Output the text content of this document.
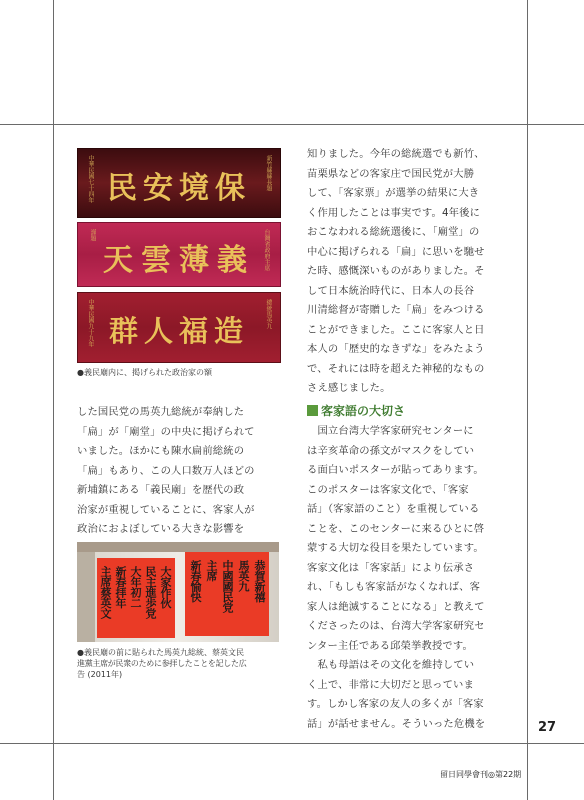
中華民國七十四年 民安境保	新竹縣縣長題
謹題
天雲薄義	台灣省政府主席
中華民國九十九年 群人福造	總統馬英九
●義民廟内に、掲げられた政治家の額
した国民党の馬英九総統が奉納した
「扁」が「廟堂」の中央に掲げられて
いました。ほかにも陳水扁前総統の
「扁」もあり、この人口数万人ほどの
新埔鎮にある「義民廟」を歴代の政
治家が重視していることに、客家人が
政治におよぼしている大きな影響を
大家作伙
民主進歩党
大年初二
新春拝年
主席蔡英文	恭賀新禧
馬英九
中國國民党
主席
新春愉快
●義民廟の前に貼られた馬英九総統、蔡英文民
進黨主席が民衆のために参拝したことを記した広
告 (2011年)
知りました。今年の総統選でも新竹、
苗栗県などの客家庄で国民党が大勝
して、「客家票」が選挙の結果に大き
く作用したことは事実です。4年後に
おこなわれる総統選後に、「廟堂」の
中心に掲げられる「扁」に思いを馳せ
た時、感慨深いものがありました。そ
して日本統治時代に、日本人の長谷
川清総督が寄贈した「扁」をみつける
ことができました。ここに客家人と日
本人の「歴史的なきずな」をみたよう
で、それには時を超えた神秘的なもの
さえ感じました。
客家語の大切さ
　国立台湾大学客家研究センターに
は辛亥革命の孫文がマスクをしてい
る面白いポスターが貼ってあります。
このポスターは客家文化で、「客家
話」（客家語のこと）を重視している
ことを、このセンターに来るひとに啓
蒙する大切な役目を果たしています。
客家文化は「客家話」により伝承さ
れ、「もしも客家話がなくなれば、客
家人は絶滅することになる」と教えて
くださったのは、台湾大学客家研究セ
ンター主任である邱榮挙教授です。
　私も母語はその文化を維持してい
く上で、非常に大切だと思っていま
す。しかし客家の友人の多くが「客家
話」が話せません。そういった危機を	27
留日同學會刊◎第22期
